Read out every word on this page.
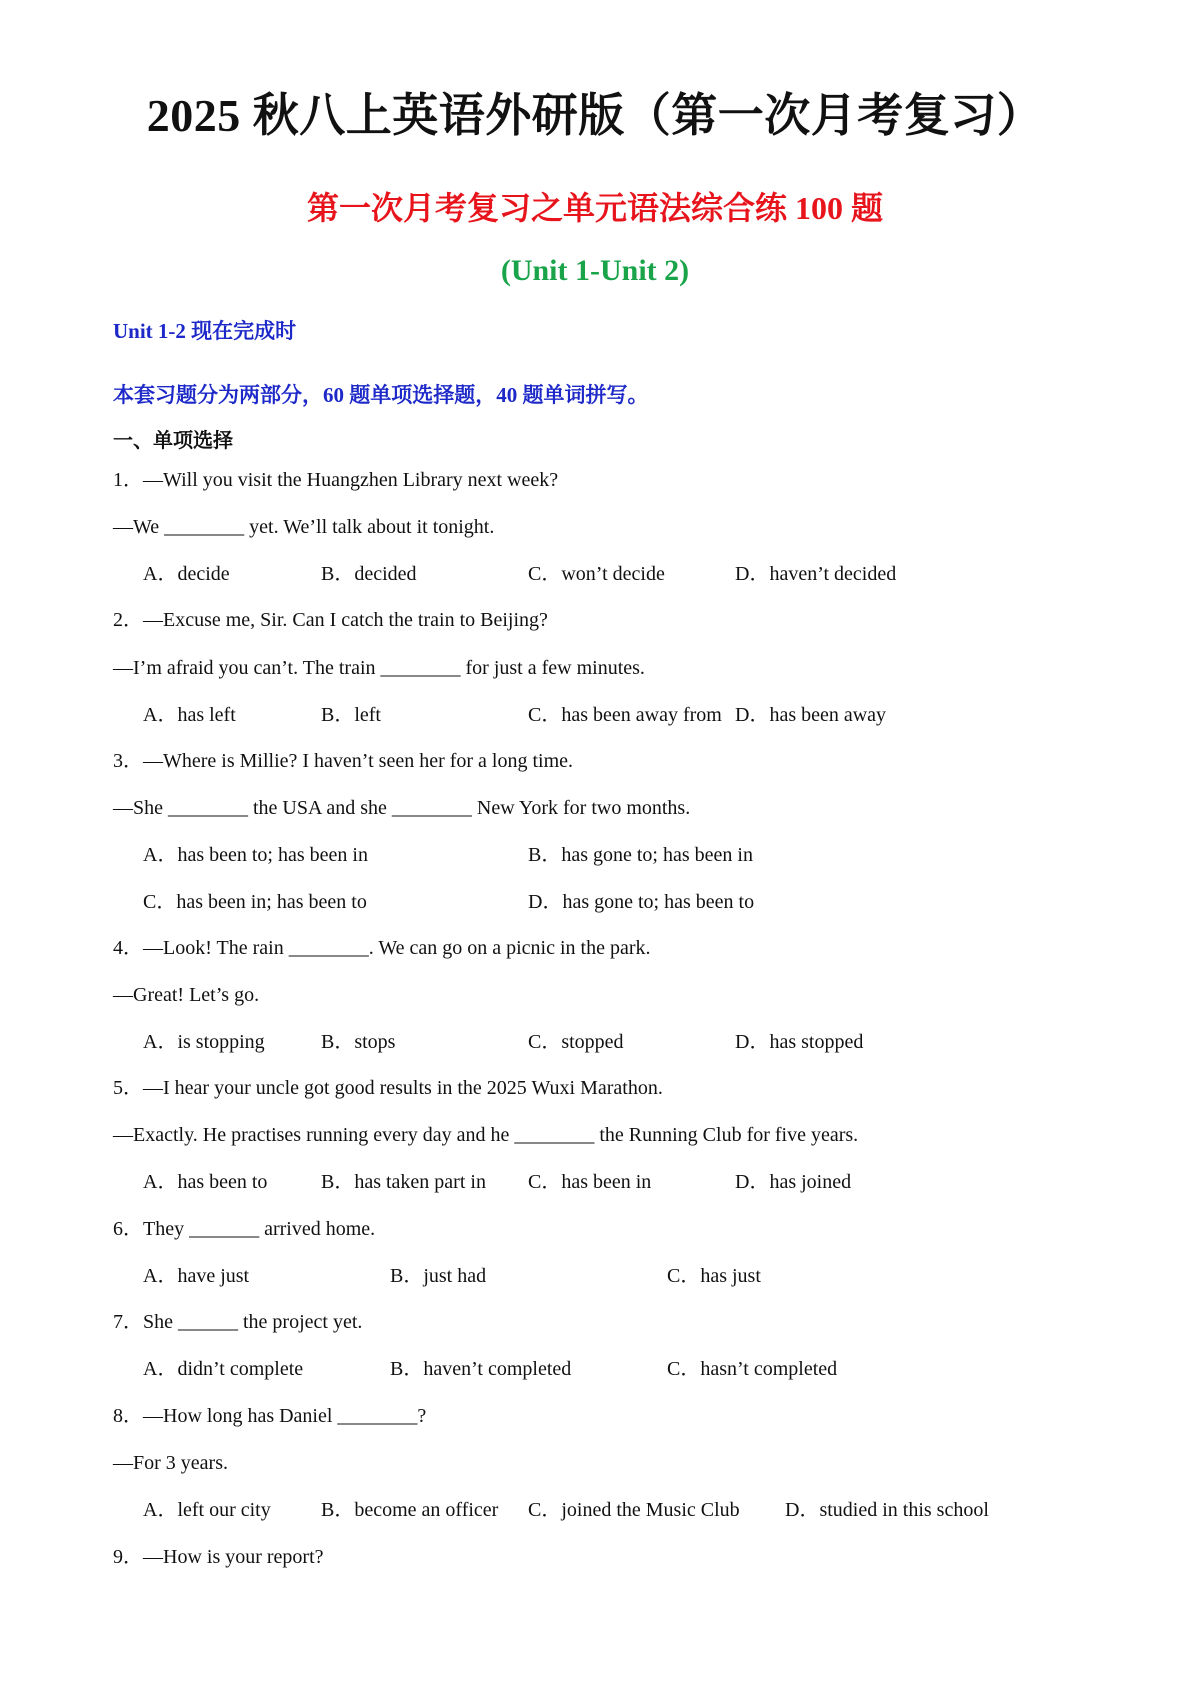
2025 秋八上英语外研版（第一次月考复习）
第一次月考复习之单元语法综合练 100 题
(Unit 1-Unit 2)
Unit 1-2 现在完成时
本套习题分为两部分，60 题单项选择题，40 题单词拼写。
一、单项选择
1．—Will you visit the Huangzhen Library next week?
—We ________ yet. We’ll talk about it tonight.
A．decide	B．decided	C．won’t decide	D．haven’t decided
2．—Excuse me, Sir. Can I catch the train to Beijing?
—I’m afraid you can’t. The train ________ for just a few minutes.
A．has left	B．left	C．has been away from D．has been away
3．—Where is Millie? I haven’t seen her for a long time.
—She ________ the USA and she ________ New York for two months.
A．has been to; has been in	B．has gone to; has been in
C．has been in; has been to	D．has gone to; has been to
4．—Look! The rain ________. We can go on a picnic in the park.
—Great! Let’s go.
A．is stopping	B．stops	C．stopped	D．has stopped
5．—I hear your uncle got good results in the 2025 Wuxi Marathon.
—Exactly. He practises running every day and he ________ the Running Club for five years.
A．has been to	B．has taken part in C．has been in	D．has joined
6．They _______ arrived home.
A．have just	B．just had	C．has just
7．She ______ the project yet.
A．didn’t complete	B．haven’t completed	C．hasn’t completed
8．—How long has Daniel ________?
—For 3 years.
A．left our city	B．become an officer C．joined the Music Club D．studied in this school
9．—How is your report?
